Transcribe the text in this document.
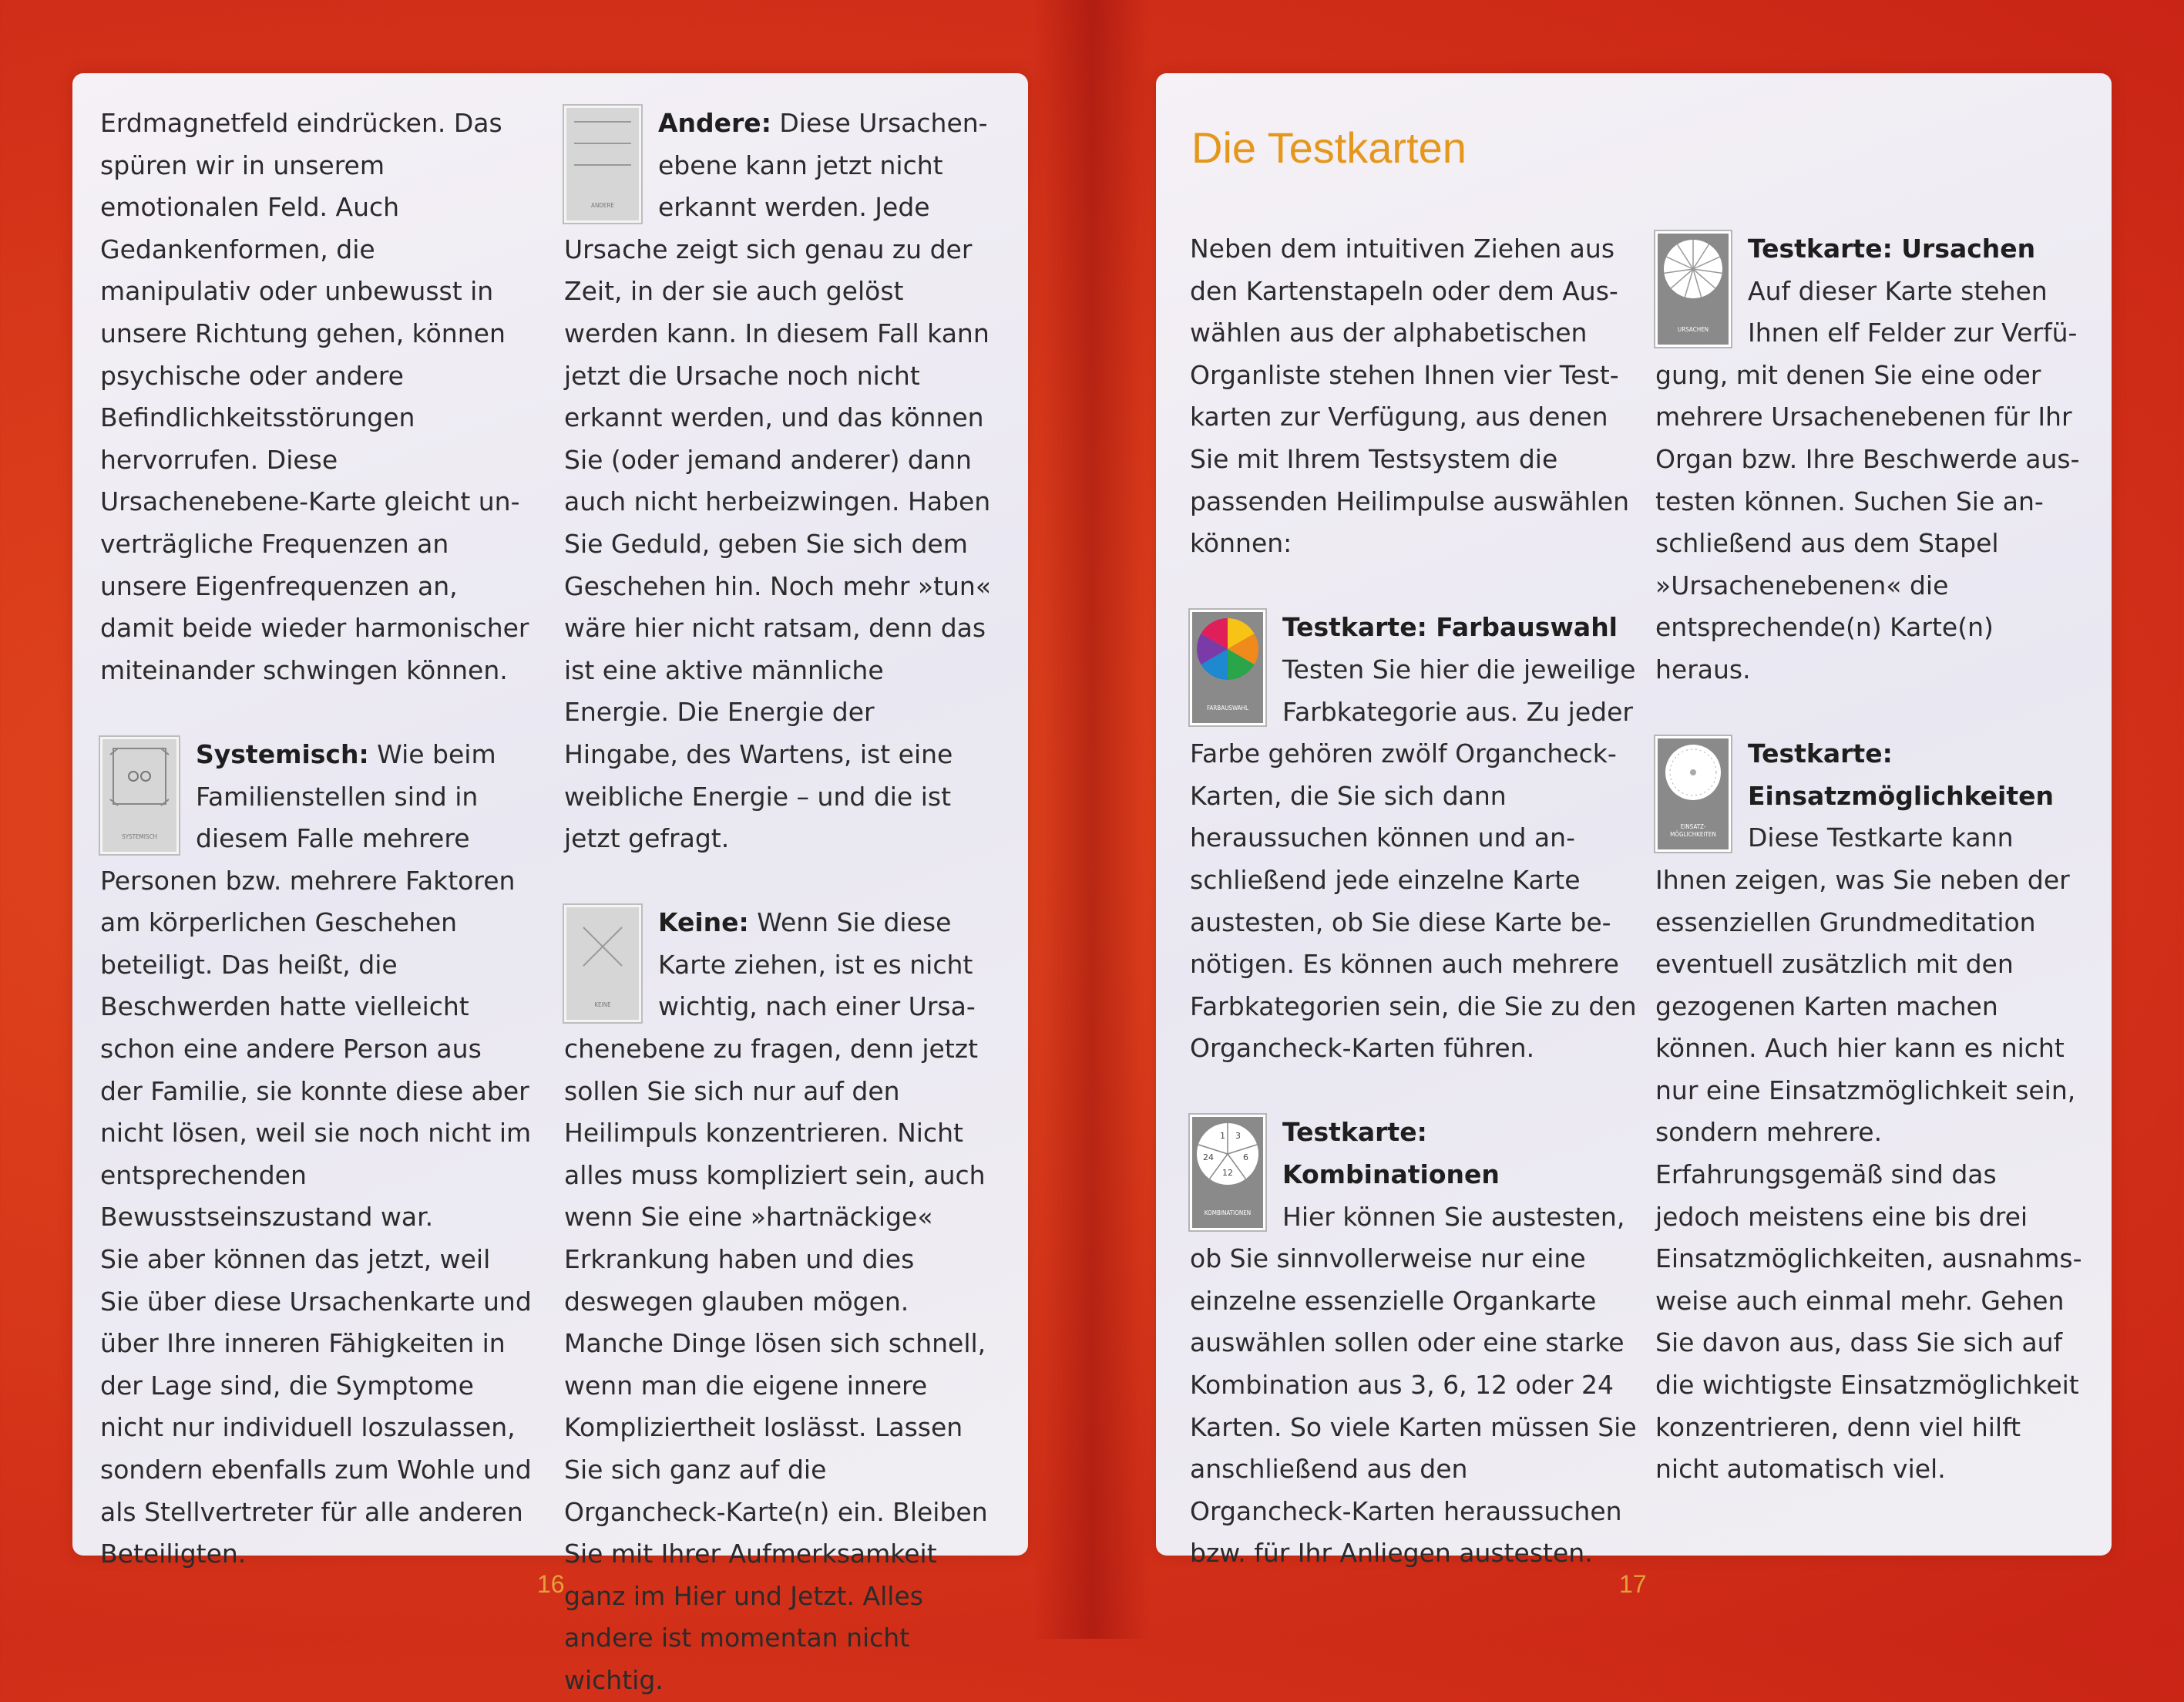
Erdmagnetfeld eindrücken. Das spüren wir in unserem emotionalen Feld. Auch Gedankenformen, die manipulativ oder unbewusst in unsere Richtung gehen, können psychische oder andere Befindlichkeitsstörungen hervorrufen. Diese Ursachenebene-Karte gleicht unverträgliche Frequenzen an unsere Eigenfrequenzen an, damit beide wieder harmonischer miteinander schwingen können.

SYSTEMISCH
Systemisch: Wie beim Familienstellen sind in diesem Falle mehrere Personen bzw. mehrere Faktoren am körperlichen Geschehen beteiligt. Das heißt, die Beschwerden hatte vielleicht schon eine andere Person aus der Familie, sie konnte diese aber nicht lösen, weil sie noch nicht im entsprechenden Bewusstseinszustand war.

Sie aber können das jetzt, weil Sie über diese Ursachenkarte und über Ihre inneren Fähigkeiten in der Lage sind, die Symptome nicht nur individuell loszulassen, sondern ebenfalls zum Wohle und als Stellvertreter für alle anderen Beteiligten.

ANDERE
Andere: Diese Ursachenebene kann jetzt nicht erkannt werden. Jede Ursache zeigt sich genau zu der Zeit, in der sie auch gelöst werden kann. In diesem Fall kann jetzt die Ursache noch nicht erkannt werden, und das können Sie (oder jemand anderer) dann auch nicht herbeizwingen. Haben Sie Geduld, geben Sie sich dem Geschehen hin. Noch mehr »tun« wäre hier nicht ratsam, denn das ist eine aktive männliche Energie. Die Energie der Hingabe, des Wartens, ist eine weibliche Energie – und die ist jetzt gefragt.

KEINE
Keine: Wenn Sie diese Karte ziehen, ist es nicht wichtig, nach einer Ursachenebene zu fragen, denn jetzt sollen Sie sich nur auf den Heilimpuls konzentrieren. Nicht alles muss kompliziert sein, auch wenn Sie eine »hartnäckige« Erkrankung haben und dies deswegen glauben mögen. Manche Dinge lösen sich schnell, wenn man die eigene innere Kompliziertheit loslässt. Lassen Sie sich ganz auf die Organcheck-Karte(n) ein. Bleiben Sie mit Ihrer Aufmerksamkeit ganz im Hier und Jetzt. Alles andere ist momentan nicht wichtig.

Die Testkarten

Neben dem intuitiven Ziehen aus den Kartenstapeln oder dem Auswählen aus der alphabetischen Organliste stehen Ihnen vier Testkarten zur Verfügung, aus denen Sie mit Ihrem Testsystem die passenden Heilimpulse auswählen können:

FARBAUSWAHL
Testkarte: Farbauswahl
Testen Sie hier die jeweilige Farbkategorie aus. Zu jeder Farbe gehören zwölf Organcheck-Karten, die Sie sich dann heraussuchen können und anschließend jede einzelne Karte austesten, ob Sie diese Karte benötigen. Es können auch mehrere Farbkategorien sein, die Sie zu den Organcheck-Karten führen.

1 3
6
12
24
KOMBINATIONEN
Testkarte: Kombinationen
Hier können Sie austesten, ob Sie sinnvollerweise nur eine einzelne essenzielle Organkarte auswählen sollen oder eine starke Kombination aus 3, 6, 12 oder 24 Karten. So viele Karten müssen Sie anschließend aus den Organcheck-Karten heraussuchen bzw. für Ihr Anliegen austesten.

URSACHEN
Testkarte: Ursachen
Auf dieser Karte stehen Ihnen elf Felder zur Verfügung, mit denen Sie eine oder mehrere Ursachenebenen für Ihr Organ bzw. Ihre Beschwerde austesten können. Suchen Sie anschließend aus dem Stapel »Ursachenebenen« die entsprechende(n) Karte(n) heraus.

EINSATZ-MÖGLICHKEITEN
Testkarte:
Einsatzmöglichkeiten
Diese Testkarte kann Ihnen zeigen, was Sie neben der essenziellen Grundmeditation eventuell zusätzlich mit den gezogenen Karten machen können. Auch hier kann es nicht nur eine Einsatzmöglichkeit sein, sondern mehrere. Erfahrungsgemäß sind das jedoch meistens eine bis drei Einsatzmöglichkeiten, ausnahmsweise auch einmal mehr. Gehen Sie davon aus, dass Sie sich auf die wichtigste Einsatzmöglichkeit konzentrieren, denn viel hilft nicht automatisch viel.

16	17
